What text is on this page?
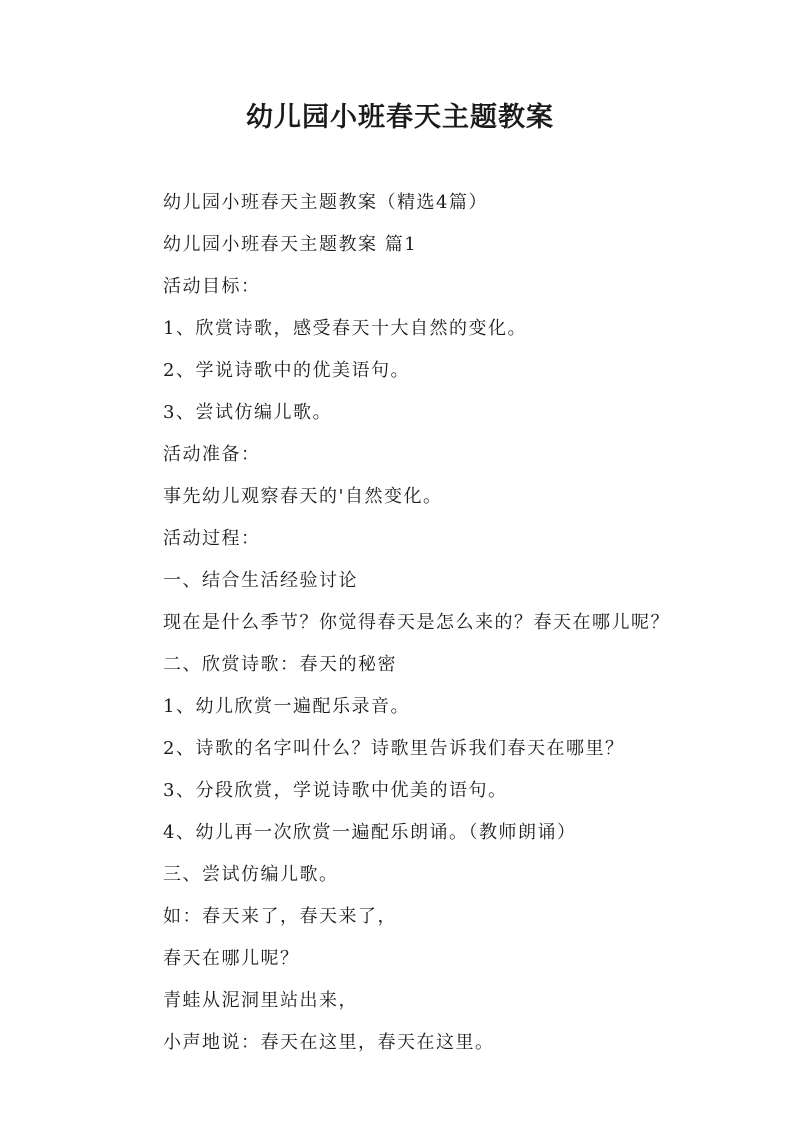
幼儿园小班春天主题教案

幼儿园小班春天主题教案（精选4篇）

幼儿园小班春天主题教案 篇1

活动目标：

1、欣赏诗歌，感受春天十大自然的变化。

2、学说诗歌中的优美语句。

3、尝试仿编儿歌。

活动准备：

事先幼儿观察春天的'自然变化。

活动过程：

一、结合生活经验讨论

现在是什么季节？你觉得春天是怎么来的？春天在哪儿呢？

二、欣赏诗歌：春天的秘密

1、幼儿欣赏一遍配乐录音。

2、诗歌的名字叫什么？诗歌里告诉我们春天在哪里？

3、分段欣赏，学说诗歌中优美的语句。

4、幼儿再一次欣赏一遍配乐朗诵。（教师朗诵）

三、尝试仿编儿歌。

如：春天来了，春天来了，

春天在哪儿呢？

青蛙从泥洞里站出来，

小声地说：春天在这里，春天在这里。
